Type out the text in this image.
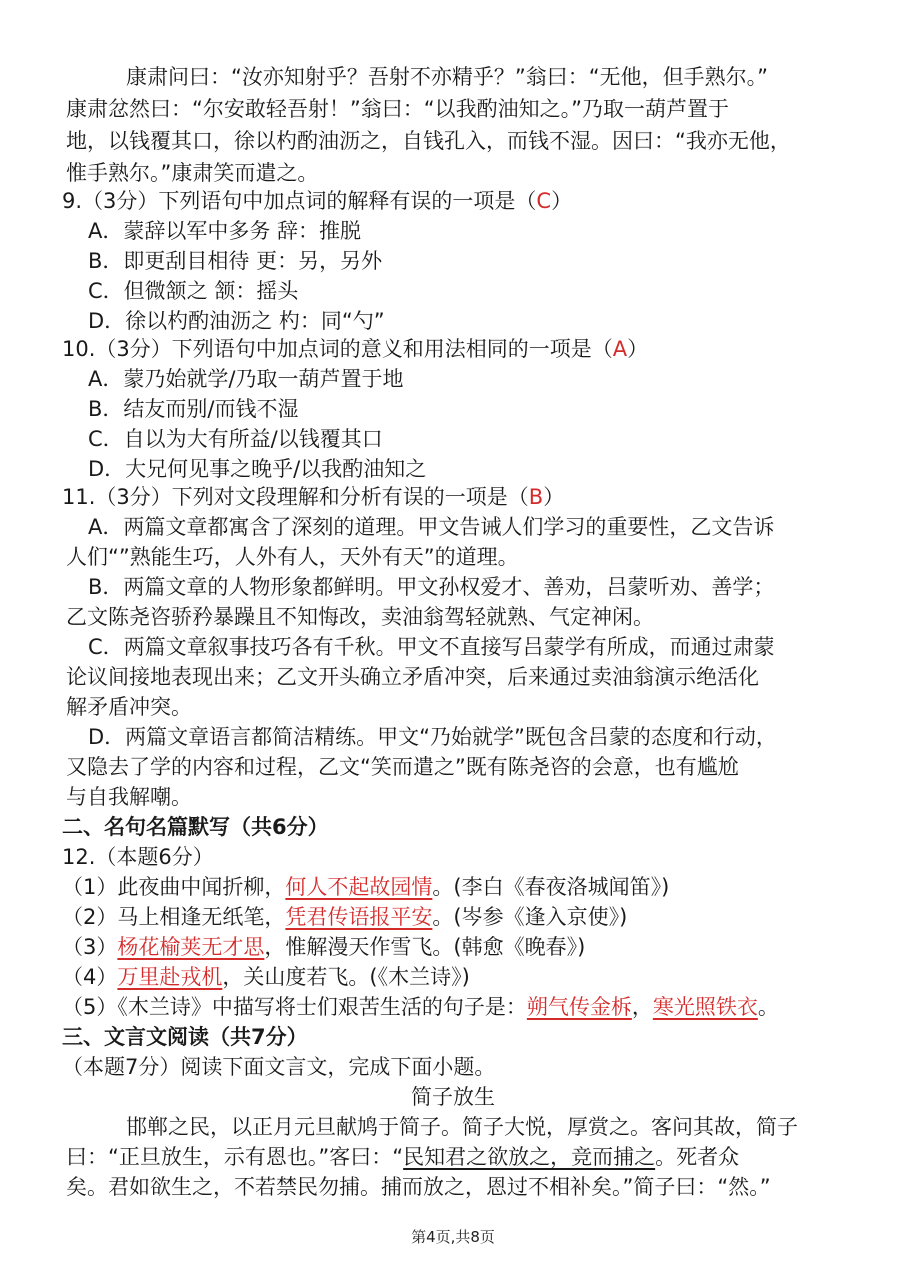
　康肃问曰：“汝亦知射乎？吾射不亦精乎？”翁曰：“无他，但手熟尔。”
康肃忿然曰：“尔安敢轻吾射！”翁曰：“以我酌油知之。”乃取一葫芦置于
地，以钱覆其口，徐以杓酌油沥之，自钱孔入，而钱不湿。因曰：“我亦无他，
惟手熟尔。”康肃笑而遣之。
9.（3分）下列语句中加点词的解释有误的一项是（C）
A．蒙辞以军中多务 辞：推脱
B．即更刮目相待 更：另，另外
C．但微颔之 颔：摇头
D．徐以杓酌油沥之 杓：同“勺”
10.（3分）下列语句中加点词的意义和用法相同的一项是（A）
A．蒙乃始就学/乃取一葫芦置于地
B．结友而别/而钱不湿
C．自以为大有所益/以钱覆其口
D．大兄何见事之晚乎/以我酌油知之
11.（3分）下列对文段理解和分析有误的一项是（B）
A．两篇文章都寓含了深刻的道理。甲文告诫人们学习的重要性，乙文告诉
人们“”熟能生巧，人外有人，天外有天”的道理。
B．两篇文章的人物形象都鲜明。甲文孙权爱才、善劝，吕蒙听劝、善学；
乙文陈尧咨骄矜暴躁且不知悔改，卖油翁驾轻就熟、气定神闲。
C．两篇文章叙事技巧各有千秋。甲文不直接写吕蒙学有所成，而通过肃蒙
论议间接地表现出来；乙文开头确立矛盾冲突，后来通过卖油翁演示绝活化
解矛盾冲突。
D．两篇文章语言都简洁精练。甲文“乃始就学”既包含吕蒙的态度和行动，
又隐去了学的内容和过程，乙文“笑而遣之”既有陈尧咨的会意，也有尴尬
与自我解嘲。
二、名句名篇默写（共6分）
12.（本题6分）
（1）此夜曲中闻折柳，何人不起故园情。(李白《春夜洛城闻笛》)
（2）马上相逢无纸笔，凭君传语报平安。(岑参《逢入京使》)
（3）杨花榆荚无才思，惟解漫天作雪飞。(韩愈《晚春》)
（4）万里赴戎机，关山度若飞。(《木兰诗》)
（5）《木兰诗》中描写将士们艰苦生活的句子是：朔气传金柝，寒光照铁衣。
三、文言文阅读（共7分）
（本题7分）阅读下面文言文，完成下面小题。
简子放生
　邯郸之民，以正月元旦献鸠于简子。简子大悦，厚赏之。客问其故，简子
曰：“正旦放生，示有恩也。”客曰：“民知君之欲放之，竞而捕之。死者众
矣。君如欲生之，不若禁民勿捕。捕而放之，恩过不相补矣。”简子曰：“然。”
第4页,共8页
